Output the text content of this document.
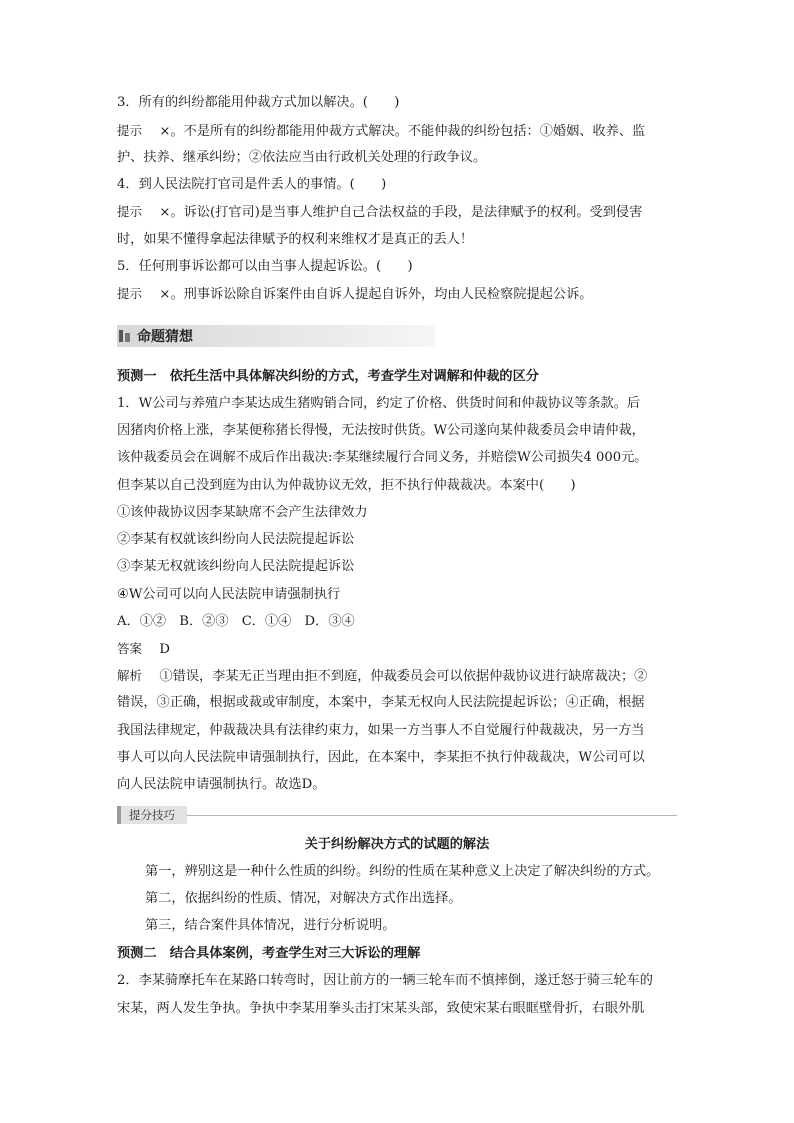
3．所有的纠纷都能用仲裁方式加以解决。(　　)
提示 　 ×。不是所有的纠纷都能用仲裁方式解决。不能仲裁的纠纷包括：①婚姻、收养、监
护、扶养、继承纠纷；②依法应当由行政机关处理的行政争议。
4．到人民法院打官司是件丢人的事情。(　　)
提示 　 ×。诉讼(打官司)是当事人维护自己合法权益的手段，是法律赋予的权利。受到侵害
时，如果不懂得拿起法律赋予的权利来维权才是真正的丢人！
5．任何刑事诉讼都可以由当事人提起诉讼。(　　)
提示 　 ×。刑事诉讼除自诉案件由自诉人提起自诉外，均由人民检察院提起公诉。
命题猜想
预测一　依托生活中具体解决纠纷的方式，考查学生对调解和仲裁的区分
1．W公司与养殖户李某达成生猪购销合同，约定了价格、供货时间和仲裁协议等条款。后
因猪肉价格上涨，李某便称猪长得慢，无法按时供货。W公司遂向某仲裁委员会申请仲裁，
该仲裁委员会在调解不成后作出裁决:李某继续履行合同义务，并赔偿W公司损失4 000元。
但李某以自己没到庭为由认为仲裁协议无效，拒不执行仲裁裁决。本案中(　　)
①该仲裁协议因李某缺席不会产生法律效力
②李某有权就该纠纷向人民法院提起诉讼
③李某无权就该纠纷向人民法院提起诉讼
④W公司可以向人民法院申请强制执行
A．①②　B．②③　C．①④　D．③④
答案 　 D
解析 　 ①错误，李某无正当理由拒不到庭，仲裁委员会可以依据仲裁协议进行缺席裁决；②
错误，③正确，根据或裁或审制度，本案中，李某无权向人民法院提起诉讼；④正确，根据
我国法律规定，仲裁裁决具有法律约束力，如果一方当事人不自觉履行仲裁裁决，另一方当
事人可以向人民法院申请强制执行，因此，在本案中，李某拒不执行仲裁裁决，W公司可以
向人民法院申请强制执行。故选D。
提分技巧
关于纠纷解决方式的试题的解法
第一，辨别这是一种什么性质的纠纷。纠纷的性质在某种意义上决定了解决纠纷的方式。
第二，依据纠纷的性质、情况，对解决方式作出选择。
第三，结合案件具体情况，进行分析说明。
预测二　结合具体案例，考查学生对三大诉讼的理解
2．李某骑摩托车在某路口转弯时，因让前方的一辆三轮车而不慎摔倒，遂迁怒于骑三轮车的
宋某，两人发生争执。争执中李某用拳头击打宋某头部，致使宋某右眼眶壁骨折，右眼外肌
